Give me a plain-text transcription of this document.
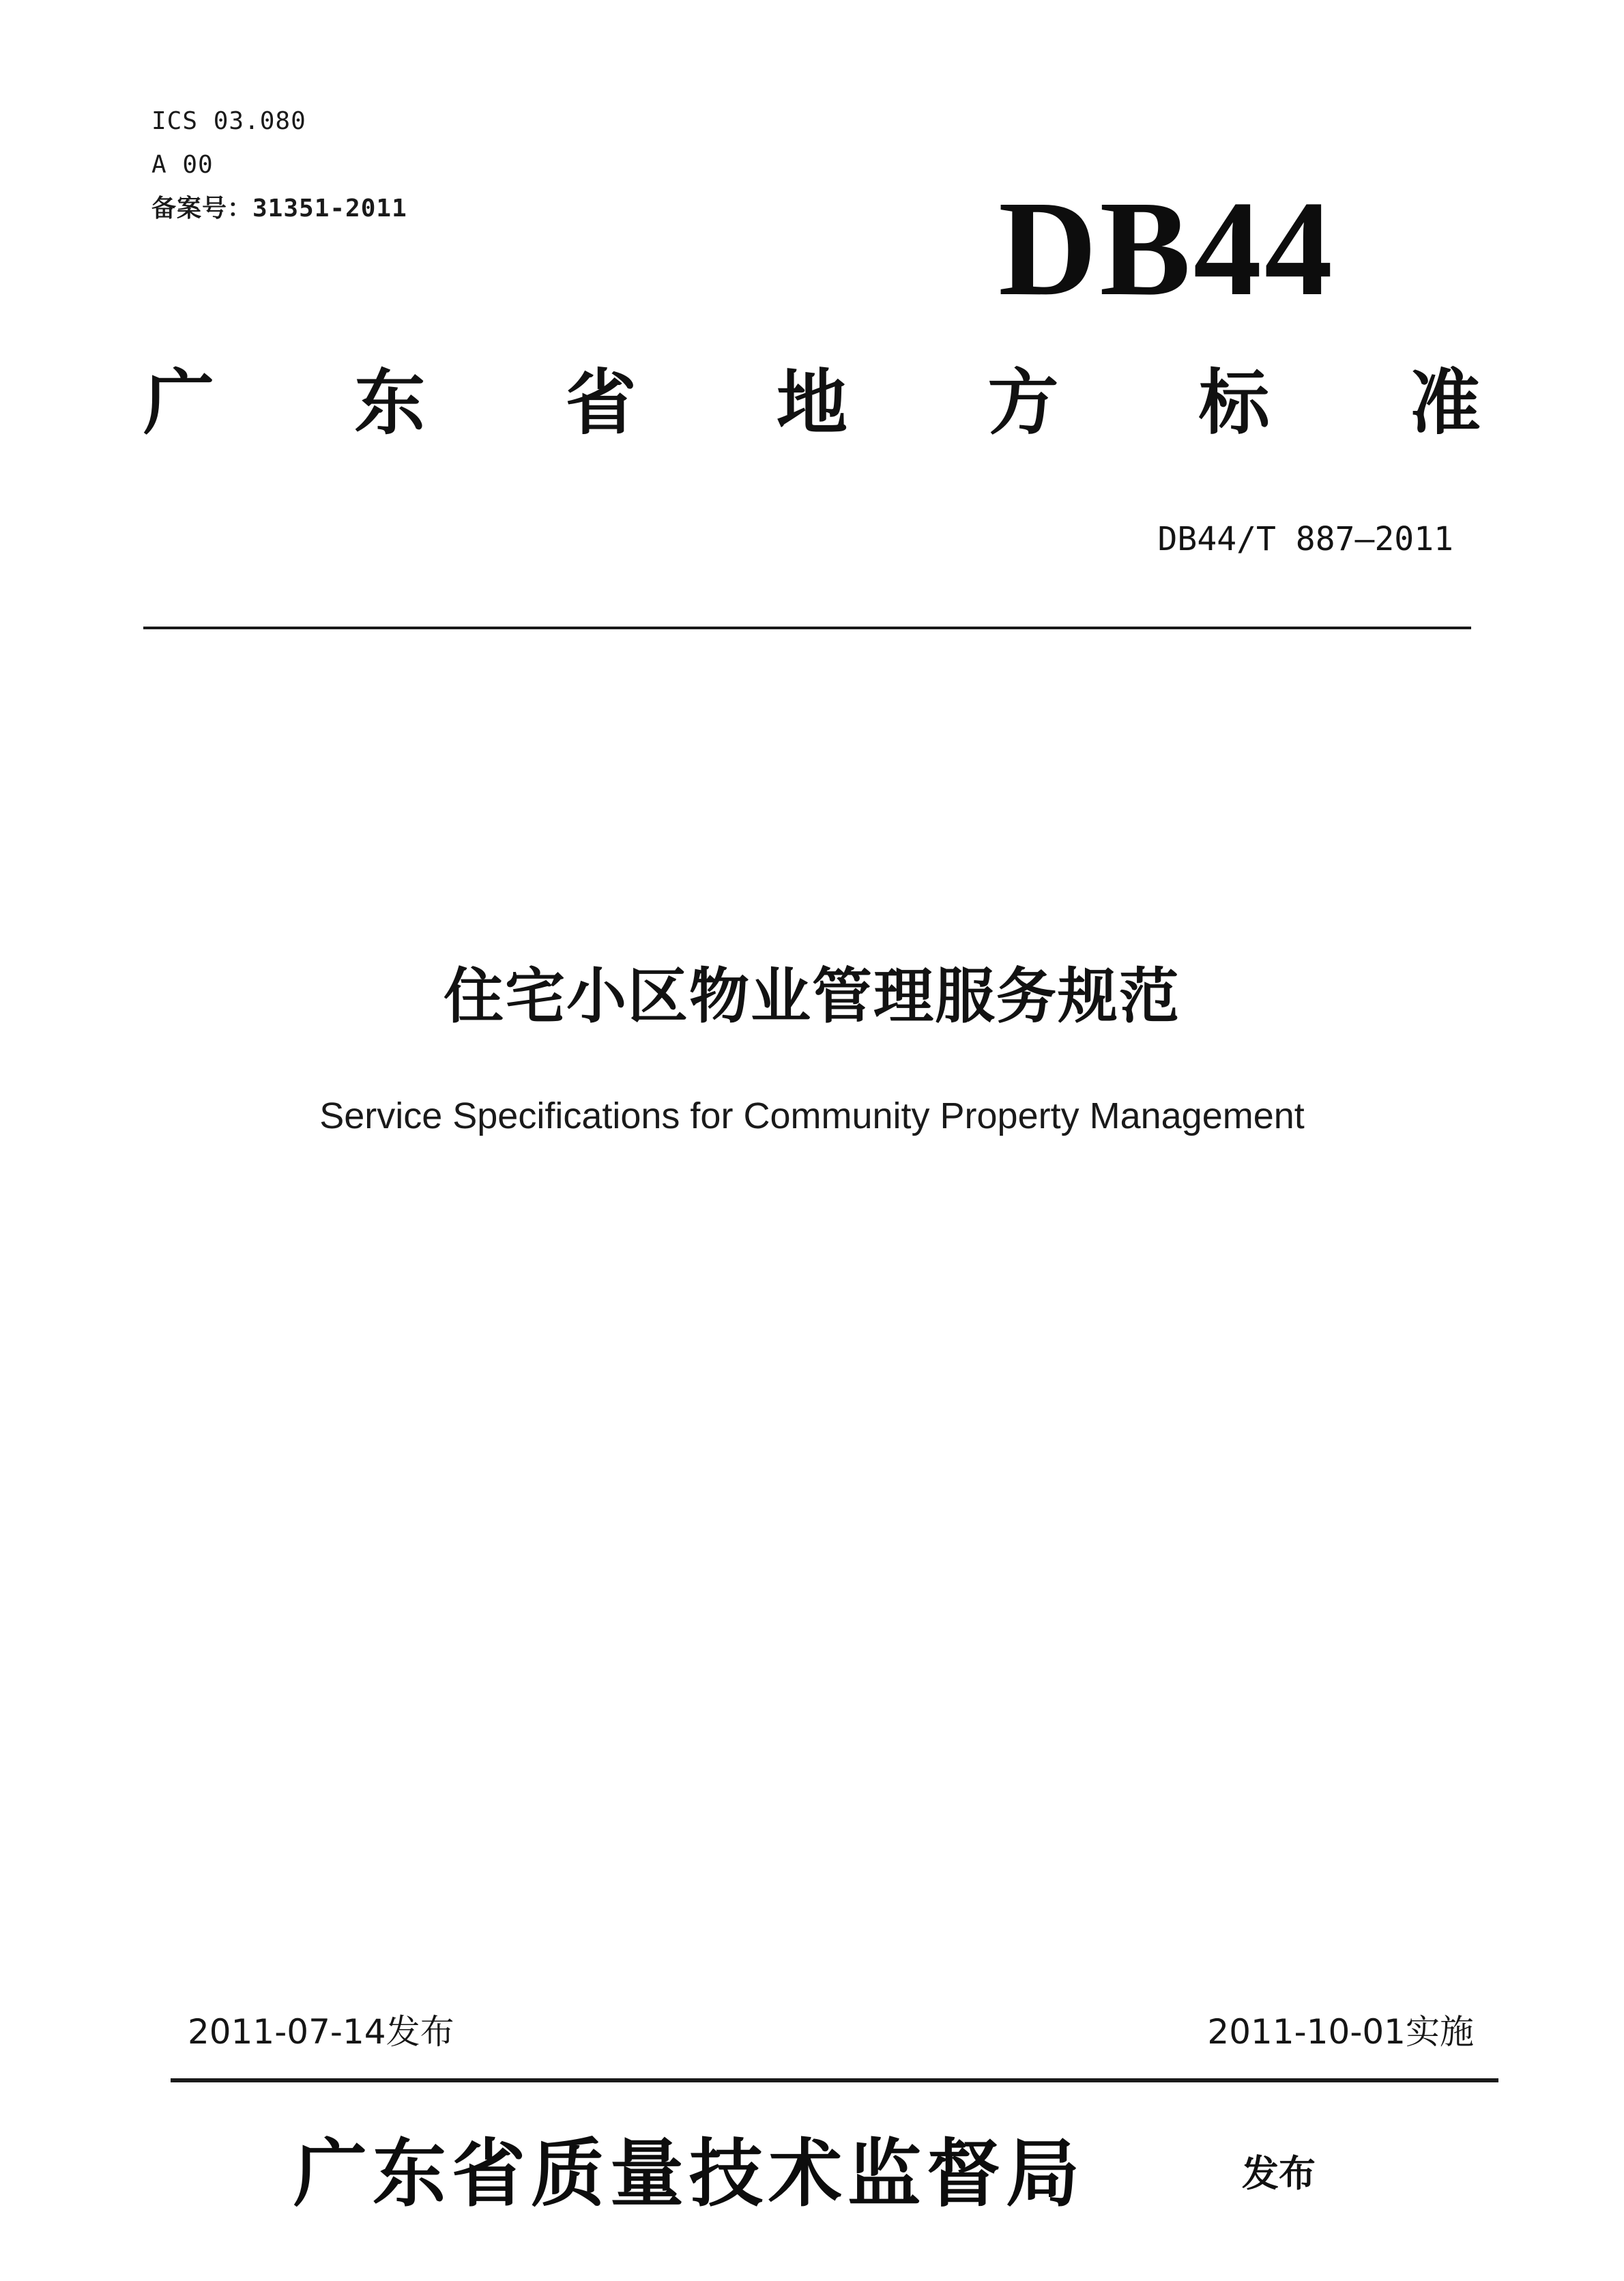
ICS 03.080
A 00
备案号：31351-2011	DB44
广 东 省 地 方 标 准
DB44/T 887—2011
住宅小区物业管理服务规范
Service Specifications for Community Property Management
2011-07-14发布	2011-10-01实施
广东省质量技术监督局	发布
